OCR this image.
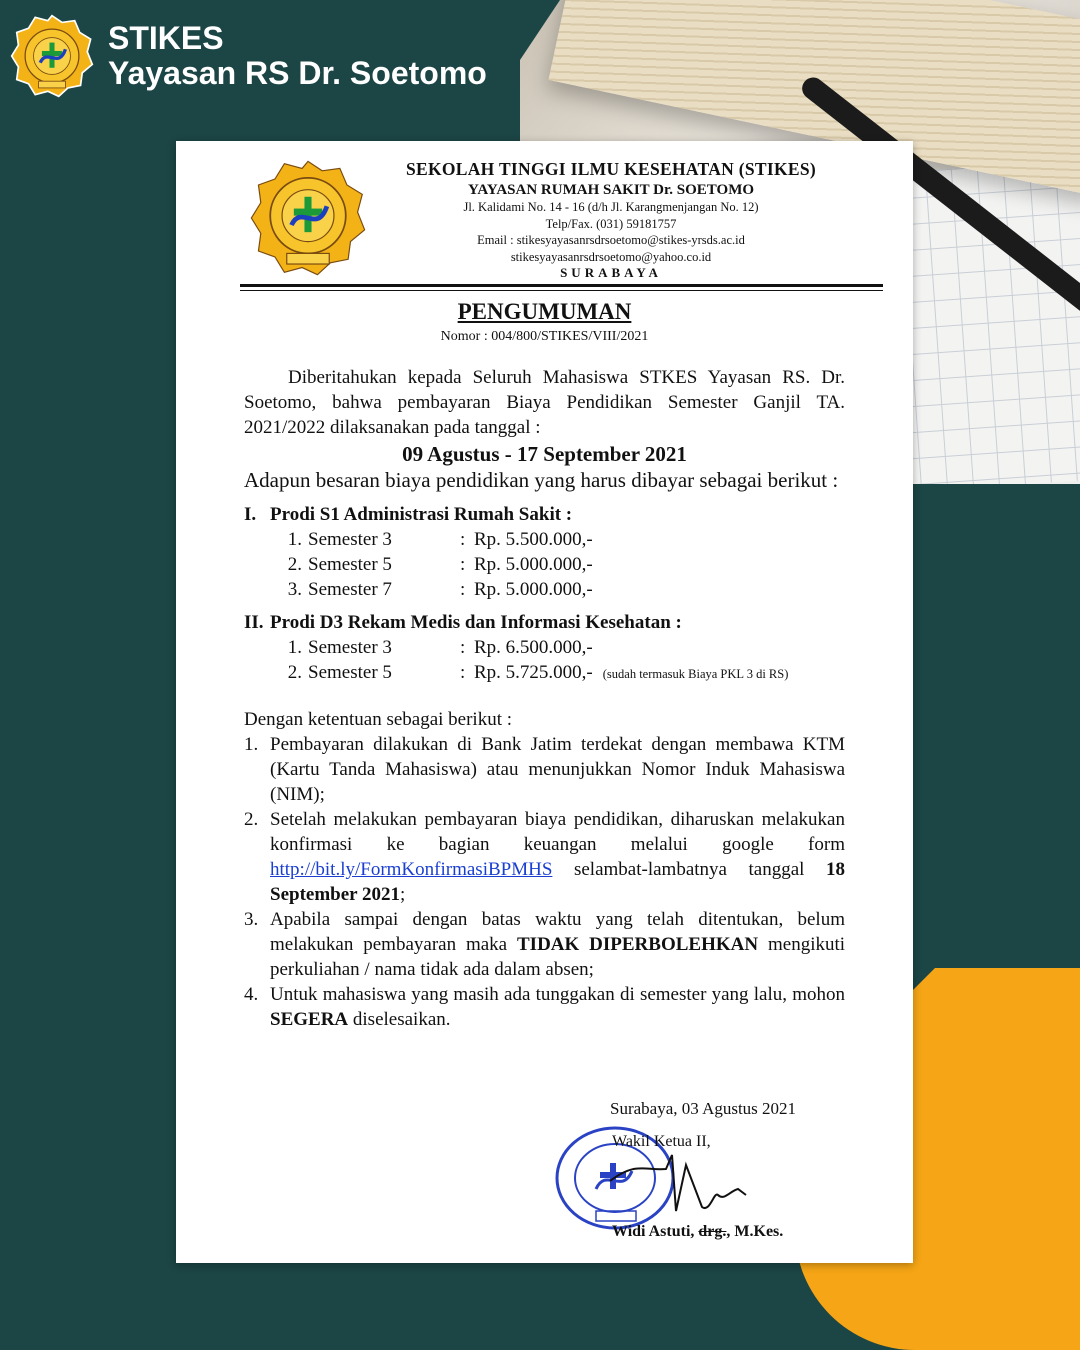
STIKES
Yayasan RS Dr. Soetomo
SEKOLAH TINGGI ILMU KESEHATAN (STIKES)
YAYASAN RUMAH SAKIT Dr. SOETOMO
Jl. Kalidami No. 14 - 16 (d/h Jl. Karangmenjangan No. 12)
Telp/Fax. (031) 59181757
Email : stikesyayasanrsdrsoetomo@stikes-yrsds.ac.id
stikesyayasanrsdrsoetomo@yahoo.co.id
SURABAYA
PENGUMUMAN
Nomor : 004/800/STIKES/VIII/2021
Diberitahukan kepada Seluruh Mahasiswa STKES Yayasan RS. Dr. Soetomo, bahwa pembayaran Biaya Pendidikan Semester Ganjil TA. 2021/2022 dilaksanakan pada tanggal :
09 Agustus - 17 September 2021
Adapun besaran biaya pendidikan yang harus dibayar sebagai berikut :
I. Prodi S1 Administrasi Rumah Sakit :
1. Semester 3	: Rp. 5.500.000,-
2. Semester 5	: Rp. 5.000.000,-
3. Semester 7	: Rp. 5.000.000,-
II. Prodi D3 Rekam Medis dan Informasi Kesehatan :
1. Semester 3	: Rp. 6.500.000,-
2. Semester 5	: Rp. 5.725.000,- (sudah termasuk Biaya PKL 3 di RS)
Dengan ketentuan sebagai berikut :
1. Pembayaran dilakukan di Bank Jatim terdekat dengan membawa KTM (Kartu Tanda Mahasiswa) atau menunjukkan Nomor Induk Mahasiswa (NIM);
2. Setelah melakukan pembayaran biaya pendidikan, diharuskan melakukan konfirmasi ke bagian keuangan melalui google form http://bit.ly/FormKonfirmasiBPMHS selambat-lambatnya tanggal 18 September 2021;
3. Apabila sampai dengan batas waktu yang telah ditentukan, belum melakukan pembayaran maka TIDAK DIPERBOLEHKAN mengikuti perkuliahan / nama tidak ada dalam absen;
4. Untuk mahasiswa yang masih ada tunggakan di semester yang lalu, mohon SEGERA diselesaikan.
Surabaya, 03 Agustus 2021
Wakil Ketua II,
Widi Astuti, drg., M.Kes.
